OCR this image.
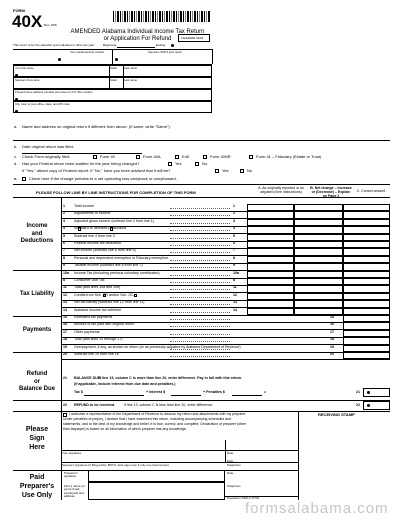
FORM
40X Rev. 9/06
AMENDED Alabama Individual Income Tax Return
or Application For Refund	CALENDAR YEAR
This return is for the calendar year indicated or other tax year	Beginning	Ending
Your social security number	Spouse's SSN if joint return
Your first name	Initial	Last name
Spouse's first name	Initial	Last name
Present home address (number and street or P.O. Box number
City, town or post office, state, and ZIP code
a. Name and address on original return if different from above. (If same, write "Same")
b. Date original return was filed:
c. Check Form originally filed:	Form 40	Form 40A	E40	Form 40NR	Form 41 – Fiduciary (Estate or Trust)
d. Has your Federal return been audited for the year being changed?	Yes	No
If "Yes," attach copy of Federal report. If "No," have you been advised that it will be?	Yes	No
e.	Check here if the change pertains to a net operating loss carryback or carryforward.
PLEASE FOLLOW LINE BY LINE INSTRUCTIONS FOR COMPLETION OF THIS FORM
A. As originally reported or as adjusted (See Instructions)
B. Net change – Increase or (Decrease) – Explain on Page 2
C. Correct amount
1	Total income	1
2	Adjustments to income	2
3	Adjusted gross income (subtract line 2 from line 1)	3
4	Standard or Itemized Deductions	4
5	Subtract line 4 from line 3	5
6	Federal income tax deduction	6
7	Net income (subtract line 6 from line 5)	7
8	Personal and dependent exemption or Fiduciary exemption	8
9	Taxable income (subtract line 8 from line 7)	9
10a Income Tax (including previous voluntary contribution)	10a
b Consumer Use Tax	b
11 Total (add lines 10a and 10b)	11
12 Credits from Sch. CR and/or Sch. OC	12
13 Net tax liability (subtract line 12 from line 11)	13
14 Alabama income tax withheld	14
15 Estimated tax payments	15
16 Amount of tax paid with original return	16
17 Other payments	17
18 Total (add lines 14 through 17)	18
19 Overpayment, if any, as shown on return (or as previously adjusted by Alabama Department of Revenue)	19
20 Subtract line 19 from line 18	20
Income
and
Deductions
Tax Liability
Payments
Refund
or
Balance Due
21 BALANCE DUE.
If line 13, column C is more than line 20, enter difference. Pay in full with this return.
(If applicable, include interest from due date and penalties.)
Tax $	+ Interest $	+ Penalties $	=	21
22 REFUND to be received. If line 13, column C is less than line 20, enter difference.	22
Please
Sign
Here
I authorize a representative of the Department of Revenue to discuss my return and attachments with my preparer.
Under penalties of perjury, I declare that I have examined this return, including accompanying schedules and
statements, and to the best of my knowledge and belief, it is true, correct, and complete. Declaration of preparer (other
than taxpayer) is based on all information of which preparer has any knowledge.
RECEIVING STAMP
Your signature	Date
Spouse's signature (if filing jointly, BOTH must sign even if only one had income)
Date
Telephone
Paid
Preparer's
Use Only
Preparer's signature
Date
Firm's name (or yours if self-employed) and address
Telephone
Preparer's SSN or PTIN
formsalabama.com
